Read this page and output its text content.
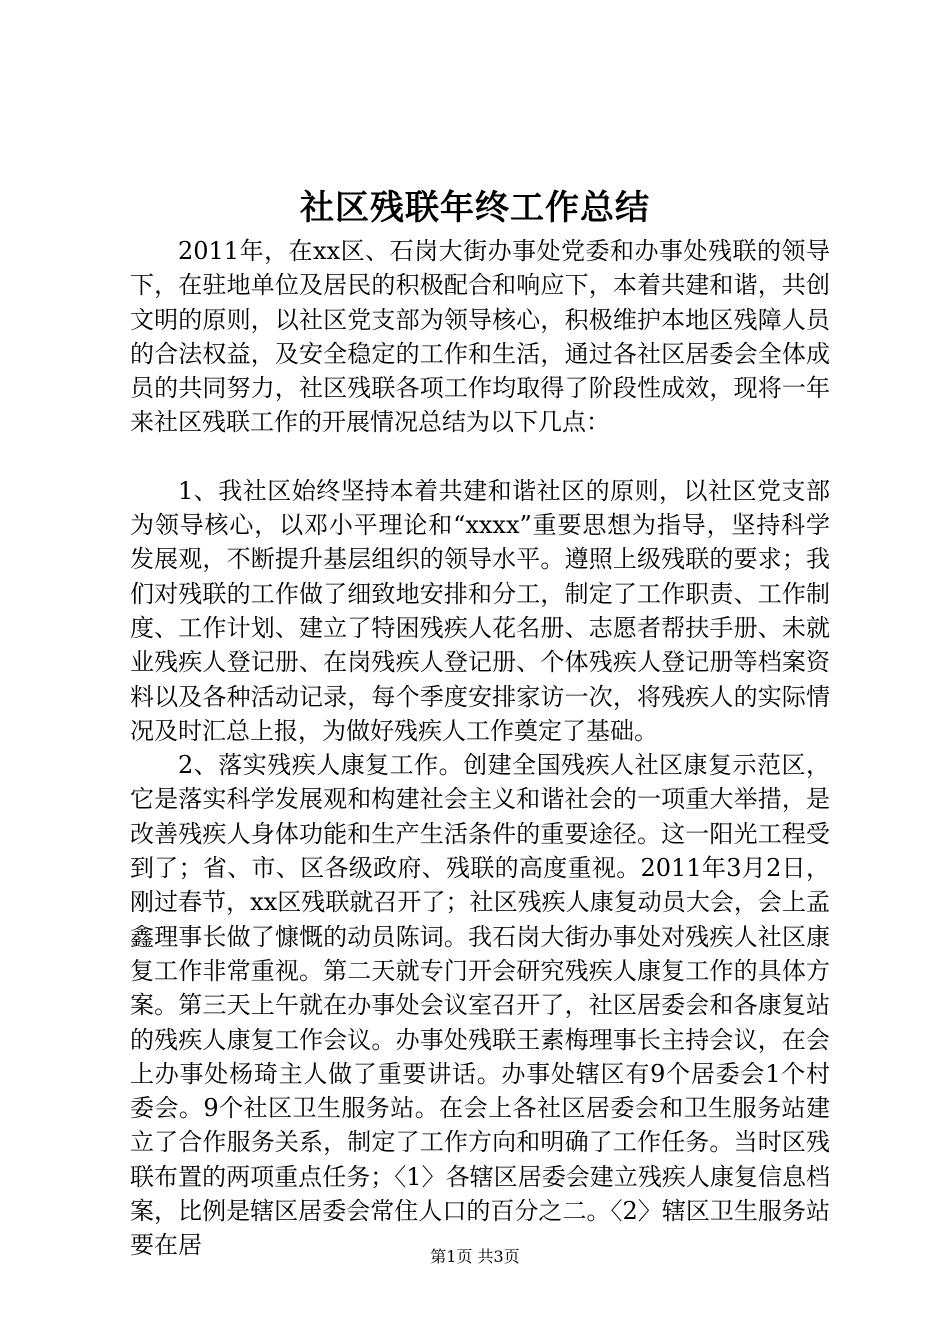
社区残联年终工作总结

2011年，在xx区、石岗大街办事处党委和办事处残联的领导下，在驻地单位及居民的积极配合和响应下，本着共建和谐，共创文明的原则，以社区党支部为领导核心，积极维护本地区残障人员的合法权益，及安全稳定的工作和生活，通过各社区居委会全体成员的共同努力，社区残联各项工作均取得了阶段性成效，现将一年来社区残联工作的开展情况总结为以下几点：

1、我社区始终坚持本着共建和谐社区的原则，以社区党支部为领导核心，以邓小平理论和“xxxx”重要思想为指导，坚持科学发展观，不断提升基层组织的领导水平。遵照上级残联的要求；我们对残联的工作做了细致地安排和分工，制定了工作职责、工作制度、工作计划、建立了特困残疾人花名册、志愿者帮扶手册、未就业残疾人登记册、在岗残疾人登记册、个体残疾人登记册等档案资料以及各种活动记录，每个季度安排家访一次，将残疾人的实际情况及时汇总上报，为做好残疾人工作奠定了基础。

2、落实残疾人康复工作。创建全国残疾人社区康复示范区，它是落实科学发展观和构建社会主义和谐社会的一项重大举措，是改善残疾人身体功能和生产生活条件的重要途径。这一阳光工程受到了；省、市、区各级政府、残联的高度重视。2011年3月2日，刚过春节，xx区残联就召开了；社区残疾人康复动员大会，会上孟鑫理事长做了慷慨的动员陈词。我石岗大街办事处对残疾人社区康复工作非常重视。第二天就专门开会研究残疾人康复工作的具体方案。第三天上午就在办事处会议室召开了，社区居委会和各康复站的残疾人康复工作会议。办事处残联王素梅理事长主持会议，在会上办事处杨琦主人做了重要讲话。办事处辖区有9个居委会1个村委会。9个社区卫生服务站。在会上各社区居委会和卫生服务站建立了合作服务关系，制定了工作方向和明确了工作任务。当时区残联布置的两项重点任务；〈1〉各辖区居委会建立残疾人康复信息档案，比例是辖区居委会常住人口的百分之二。〈2〉辖区卫生服务站要在居	第1页 共3页
